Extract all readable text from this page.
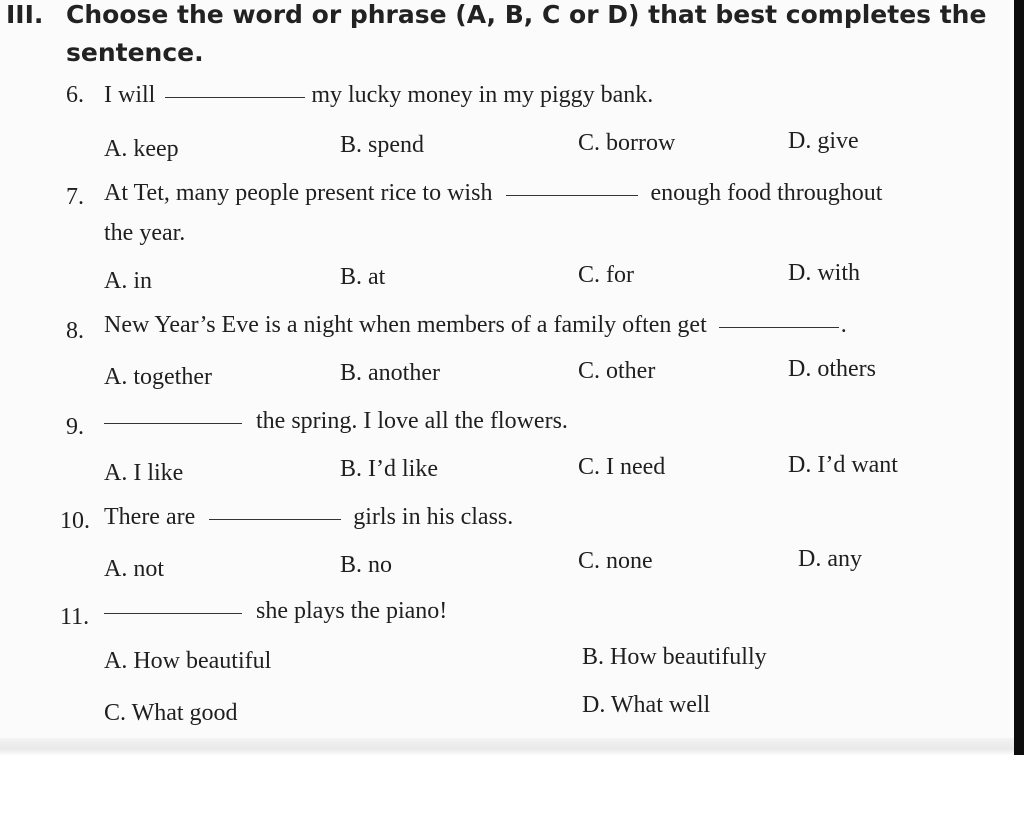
III. Choose the word or phrase (A, B, C or D) that best completes the
sentence.
6. I will	my lucky money in my piggy bank.
A. keep	B. spend	C. borrow	D. give
7. At Tet, many people present rice to wish	enough food throughout
the year.
A. in	B. at	C. for	D. with
8. New Year’s Eve is a night when members of a family often get	.
A. together	B. another	C. other	D. others
9.	the spring. I love all the flowers.
A. I like	B. I’d like	C. I need	D. I’d want
10. There are	girls in his class.
A. not	B. no	C. none	D. any
11.	she plays the piano!
A. How beautiful	B. How beautifully
C. What good	D. What well
